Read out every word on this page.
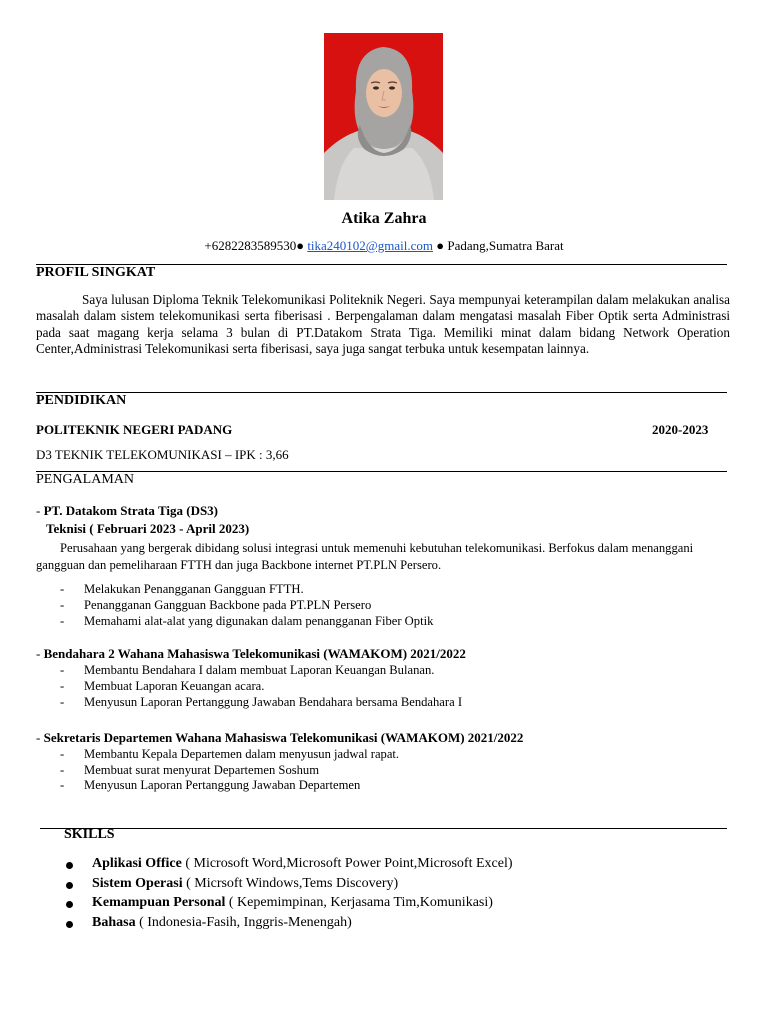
Atika Zahra
+6282283589530● tika240102@gmail.com ● Padang,Sumatra Barat
PROFIL SINGKAT
Saya lulusan Diploma Teknik Telekomunikasi Politeknik Negeri. Saya mempunyai keterampilan dalam melakukan analisa masalah dalam sistem telekomunikasi serta fiberisasi . Berpengalaman dalam mengatasi masalah Fiber Optik serta Administrasi pada saat magang kerja selama 3 bulan di PT.Datakom Strata Tiga. Memiliki minat dalam bidang Network Operation Center,Administrasi Telekomunikasi serta fiberisasi, saya juga sangat terbuka untuk kesempatan lainnya.
PENDIDIKAN
POLITEKNIK NEGERI PADANG	2020-2023
D3 TEKNIK TELEKOMUNIKASI – IPK : 3,66
PENGALAMAN
- PT. Datakom Strata Tiga (DS3)
Teknisi ( Februari 2023 - April 2023)
Perusahaan yang bergerak dibidang solusi integrasi untuk memenuhi kebutuhan telekomunikasi. Berfokus dalam menanggani gangguan dan pemeliharaan FTTH dan juga Backbone internet PT.PLN Persero.
- Melakukan Penangganan Gangguan FTTH.
- Penangganan Gangguan Backbone pada PT.PLN Persero
- Memahami alat-alat yang digunakan dalam penangganan Fiber Optik
- Bendahara 2 Wahana Mahasiswa Telekomunikasi (WAMAKOM) 2021/2022
- Membantu Bendahara I dalam membuat Laporan Keuangan Bulanan.
- Membuat Laporan Keuangan acara.
- Menyusun Laporan Pertanggung Jawaban Bendahara bersama Bendahara I
- Sekretaris Departemen Wahana Mahasiswa Telekomunikasi (WAMAKOM) 2021/2022
- Membantu Kepala Departemen dalam menyusun jadwal rapat.
- Membuat surat menyurat Departemen Soshum
- Menyusun Laporan Pertanggung Jawaban Departemen
SKILLS
Aplikasi Office ( Microsoft Word,Microsoft Power Point,Microsoft Excel)
Sistem Operasi ( Micrsoft Windows,Tems Discovery)
Kemampuan Personal ( Kepemimpinan, Kerjasama Tim,Komunikasi)
Bahasa ( Indonesia-Fasih, Inggris-Menengah)
